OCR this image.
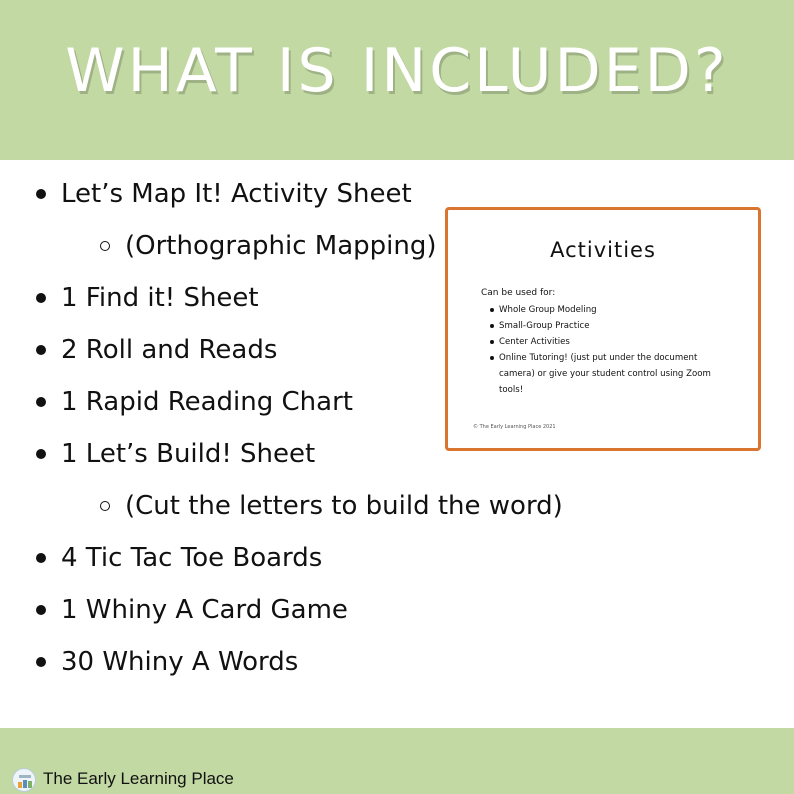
WHAT IS INCLUDED?
Let’s Map It! Activity Sheet
(Orthographic Mapping)
1 Find it! Sheet
2 Roll and Reads
1 Rapid Reading Chart
1 Let’s Build! Sheet
(Cut the letters to build the word)
4 Tic Tac Toe Boards
1 Whiny A Card Game
30 Whiny A Words
Activities
Can be used for:
Whole Group Modeling
Small-Group Practice
Center Activities
Online Tutoring! (just put under the document camera) or give your student control using Zoom tools!
© The Early Learning Place 2021
The Early Learning Place
